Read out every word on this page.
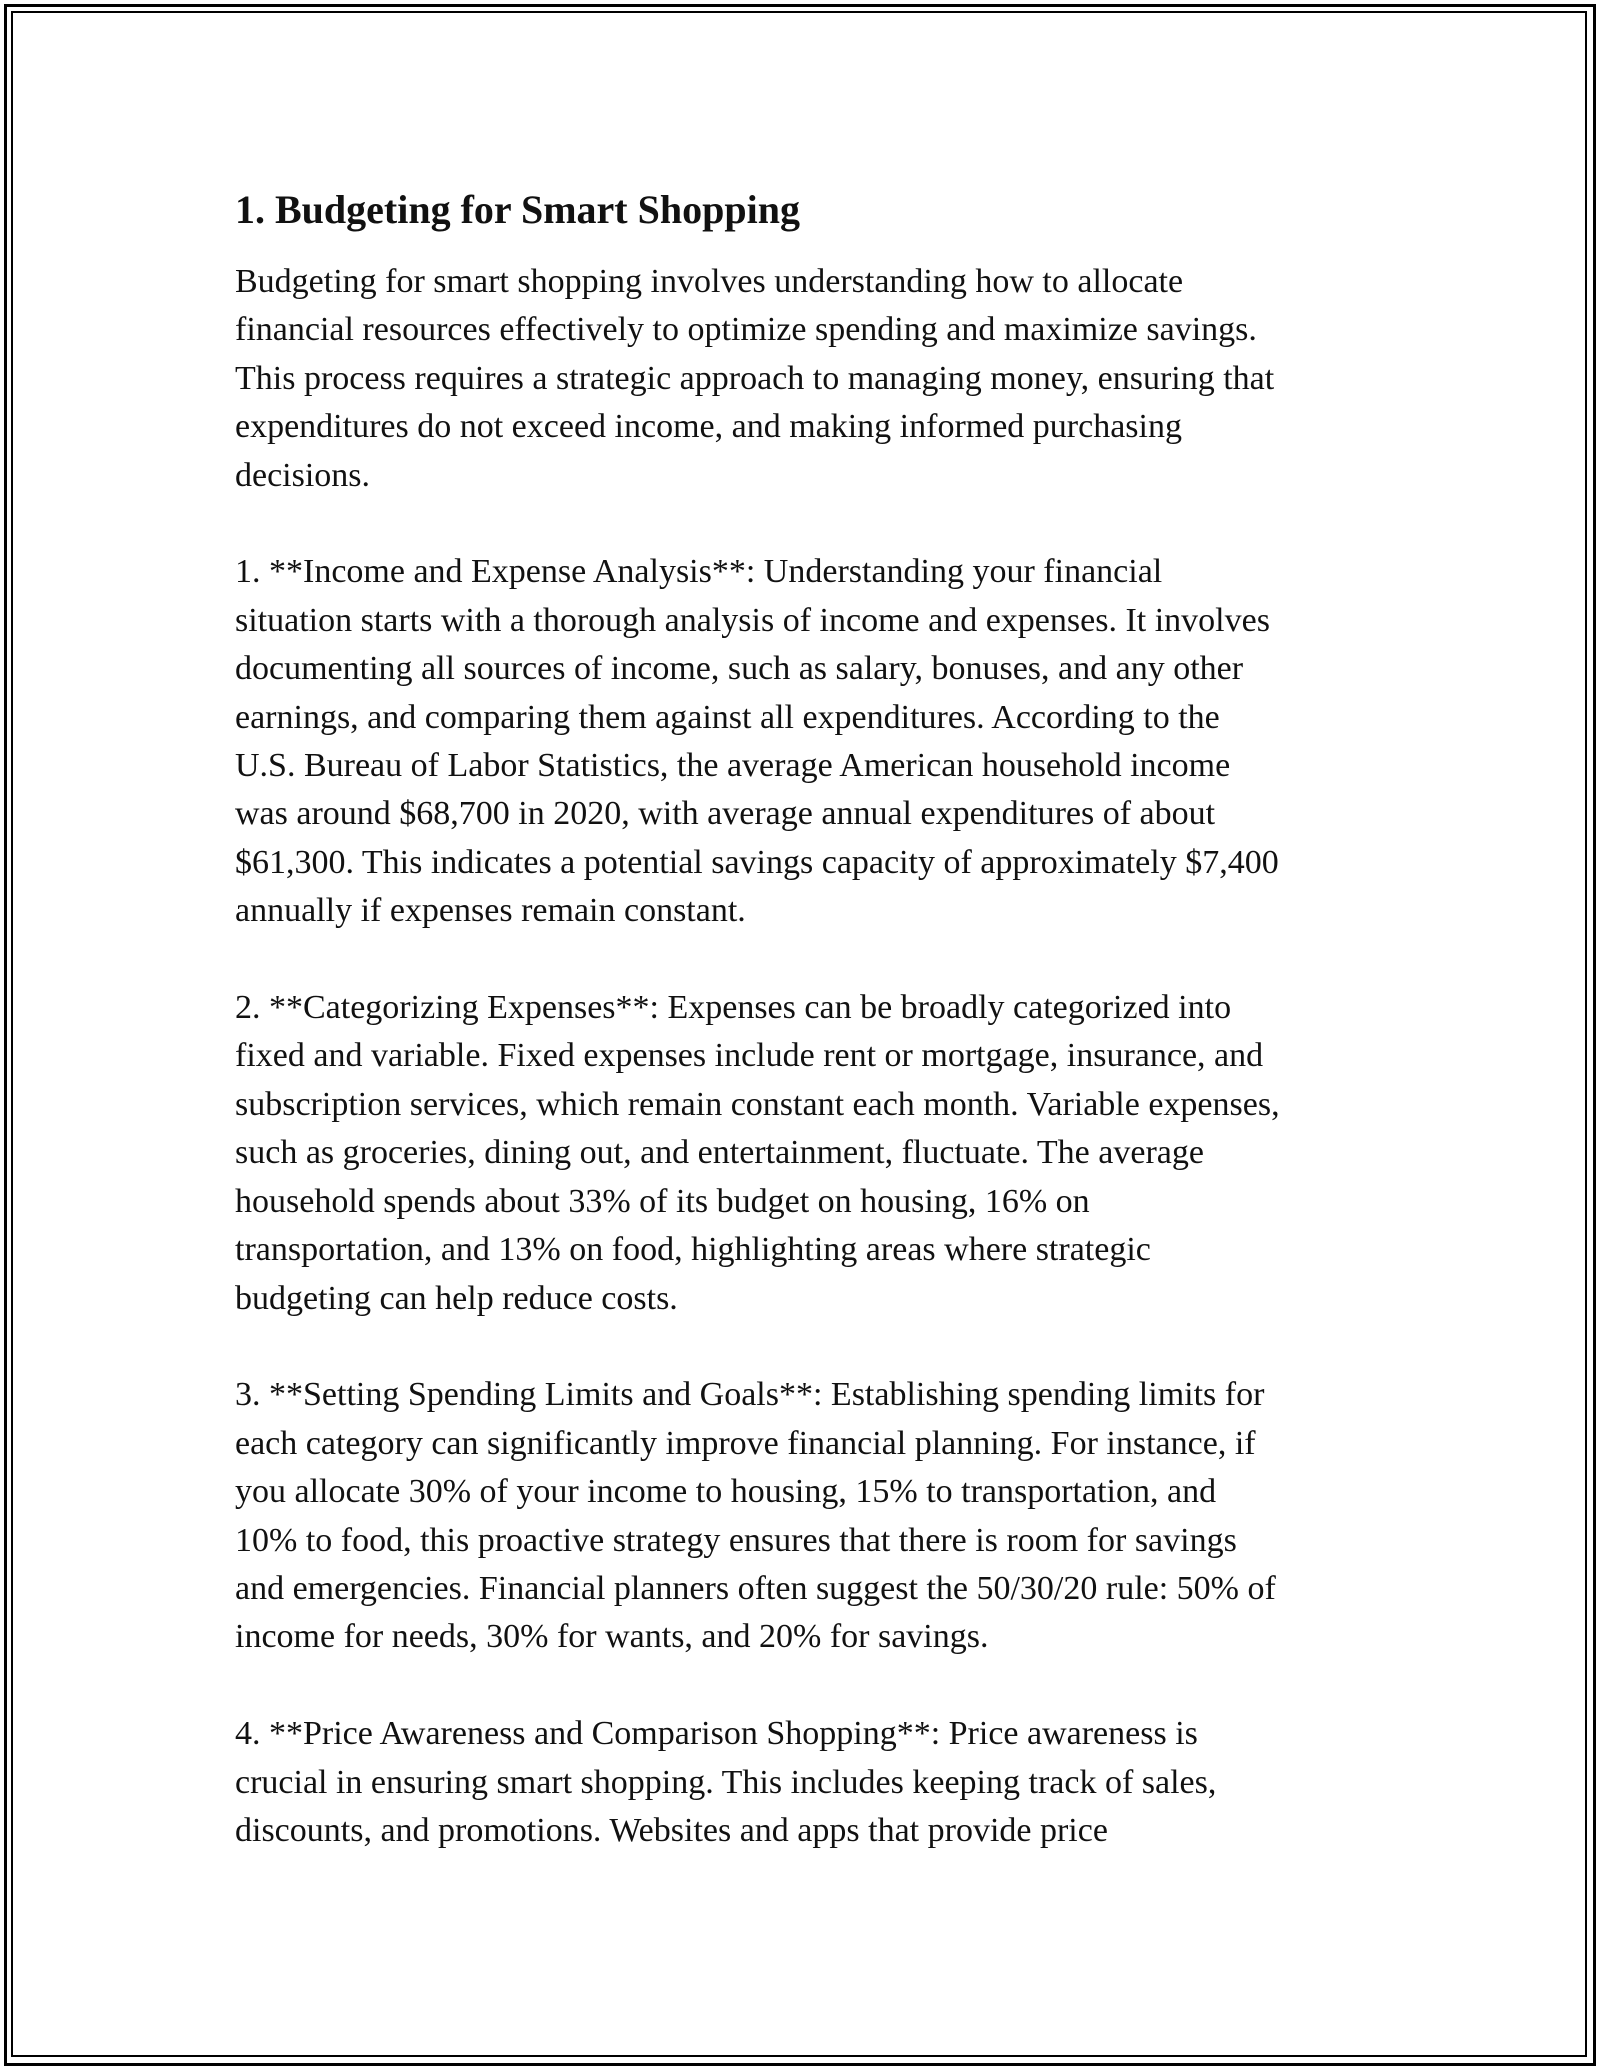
1. Budgeting for Smart Shopping
Budgeting for smart shopping involves understanding how to allocate
financial resources effectively to optimize spending and maximize savings.
This process requires a strategic approach to managing money, ensuring that
expenditures do not exceed income, and making informed purchasing
decisions.
1. **Income and Expense Analysis**: Understanding your financial
situation starts with a thorough analysis of income and expenses. It involves
documenting all sources of income, such as salary, bonuses, and any other
earnings, and comparing them against all expenditures. According to the
U.S. Bureau of Labor Statistics, the average American household income
was around $68,700 in 2020, with average annual expenditures of about
$61,300. This indicates a potential savings capacity of approximately $7,400
annually if expenses remain constant.
2. **Categorizing Expenses**: Expenses can be broadly categorized into
fixed and variable. Fixed expenses include rent or mortgage, insurance, and
subscription services, which remain constant each month. Variable expenses,
such as groceries, dining out, and entertainment, fluctuate. The average
household spends about 33% of its budget on housing, 16% on
transportation, and 13% on food, highlighting areas where strategic
budgeting can help reduce costs.
3. **Setting Spending Limits and Goals**: Establishing spending limits for
each category can significantly improve financial planning. For instance, if
you allocate 30% of your income to housing, 15% to transportation, and
10% to food, this proactive strategy ensures that there is room for savings
and emergencies. Financial planners often suggest the 50/30/20 rule: 50% of
income for needs, 30% for wants, and 20% for savings.
4. **Price Awareness and Comparison Shopping**: Price awareness is
crucial in ensuring smart shopping. This includes keeping track of sales,
discounts, and promotions. Websites and apps that provide price
